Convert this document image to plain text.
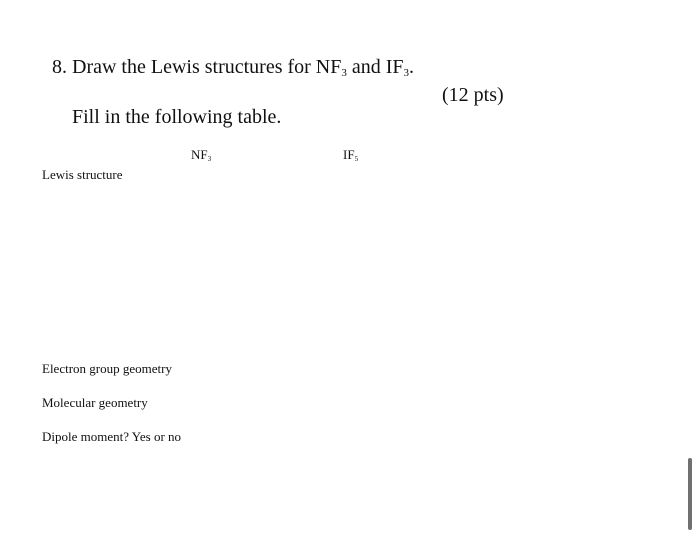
8. Draw the Lewis structures for $NF_3$ and $IF_3$.
(12 pts)
Fill in the following table.
$NF_3$	$IF_5$
Lewis structure
Electron group geometry
Molecular geometry
Dipole moment? Yes or no
